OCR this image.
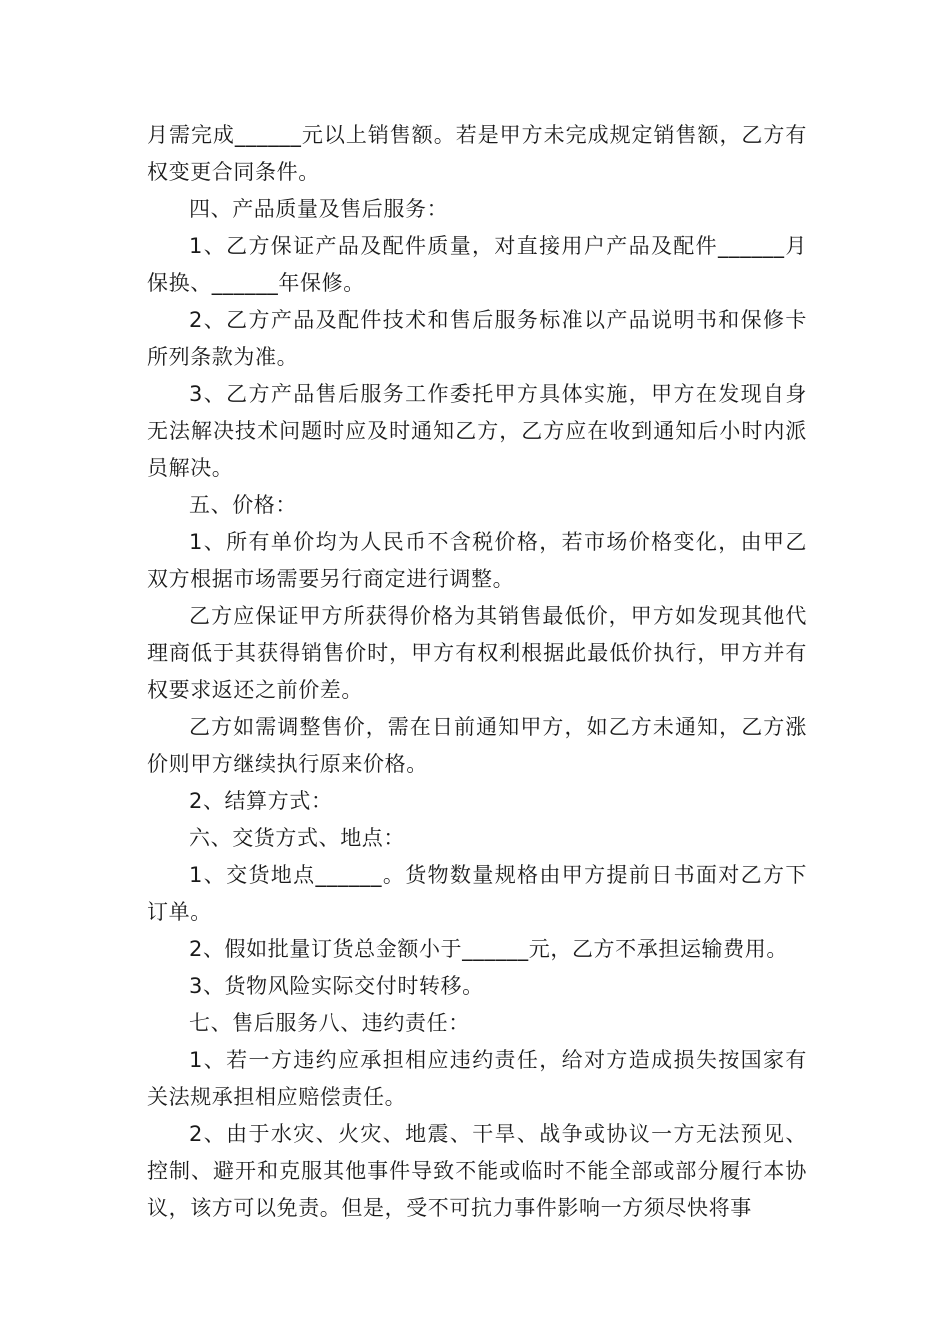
月需完成______元以上销售额。若是甲方未完成规定销售额，乙方有权变更合同条件。

四、产品质量及售后服务：

1、乙方保证产品及配件质量，对直接用户产品及配件______月保换、______年保修。

2、乙方产品及配件技术和售后服务标准以产品说明书和保修卡所列条款为准。

3、乙方产品售后服务工作委托甲方具体实施，甲方在发现自身无法解决技术问题时应及时通知乙方，乙方应在收到通知后小时内派员解决。

五、价格：

1、所有单价均为人民币不含税价格，若市场价格变化，由甲乙双方根据市场需要另行商定进行调整。

乙方应保证甲方所获得价格为其销售最低价，甲方如发现其他代理商低于其获得销售价时，甲方有权利根据此最低价执行，甲方并有权要求返还之前价差。

乙方如需调整售价，需在日前通知甲方，如乙方未通知，乙方涨价则甲方继续执行原来价格。

2、结算方式：

六、交货方式、地点：

1、交货地点______。货物数量规格由甲方提前日书面对乙方下订单。

2、假如批量订货总金额小于______元，乙方不承担运输费用。

3、货物风险实际交付时转移。

七、售后服务八、违约责任：

1、若一方违约应承担相应违约责任，给对方造成损失按国家有关法规承担相应赔偿责任。

2、由于水灾、火灾、地震、干旱、战争或协议一方无法预见、控制、避开和克服其他事件导致不能或临时不能全部或部分履行本协议，该方可以免责。但是，受不可抗力事件影响一方须尽快将事
